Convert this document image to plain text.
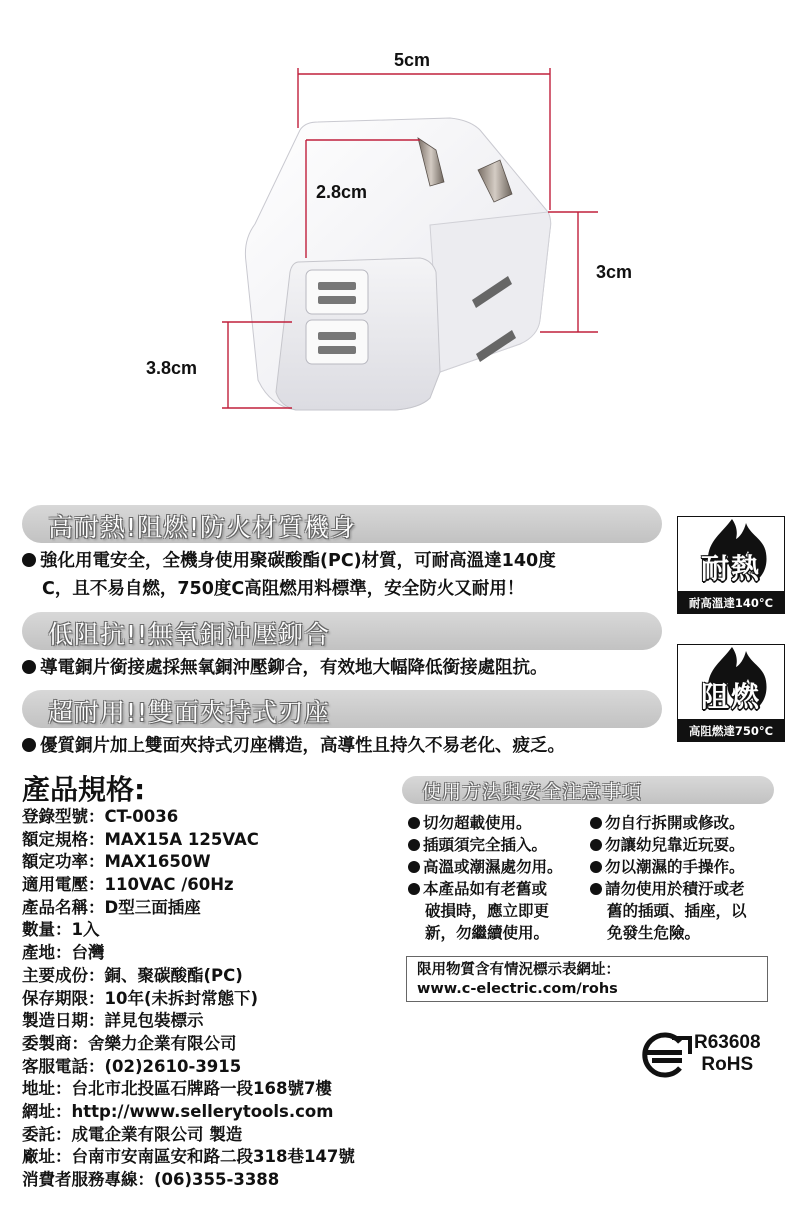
5cm
2.8cm
3cm
3.8cm
高耐熱!阻燃!防火材質機身
強化用電安全，全機身使用聚碳酸酯(PC)材質，可耐高溫達140度
C，且不易自燃，750度C高阻燃用料標準，安全防火又耐用！
低阻抗!!無氧銅沖壓鉚合
導電銅片銜接處採無氧銅沖壓鉚合，有效地大幅降低銜接處阻抗。
超耐用!!雙面夾持式刃座
優質銅片加上雙面夾持式刃座構造，高導性且持久不易老化、疲乏。
耐熱
耐高溫達140°C
阻燃
高阻燃達750°C
產品規格:
登錄型號：CT-0036
額定規格：MAX15A 125VAC
額定功率：MAX1650W
適用電壓：110VAC /60Hz
產品名稱：D型三面插座
數量：1入
產地：台灣
主要成份：銅、聚碳酸酯(PC)
保存期限：10年(未拆封常態下)
製造日期：詳見包裝標示
委製商：舍樂力企業有限公司
客服電話：(02)2610-3915
地址：台北市北投區石牌路一段168號7樓
網址：http://www.sellerytools.com
委託：成電企業有限公司 製造
廠址：台南市安南區安和路二段318巷147號
消費者服務專線：(06)355-3388
使用方法與安全注意事項
切勿超載使用。
插頭須完全插入。
高溫或潮濕處勿用。
本產品如有老舊或
破損時，應立即更
新，勿繼續使用。
勿自行拆開或修改。
勿讓幼兒靠近玩耍。
勿以潮濕的手操作。
請勿使用於積汙或老
舊的插頭、插座，以
免發生危險。
限用物質含有情況標示表網址：
www.c-electric.com/rohs
R63608
RoHS
